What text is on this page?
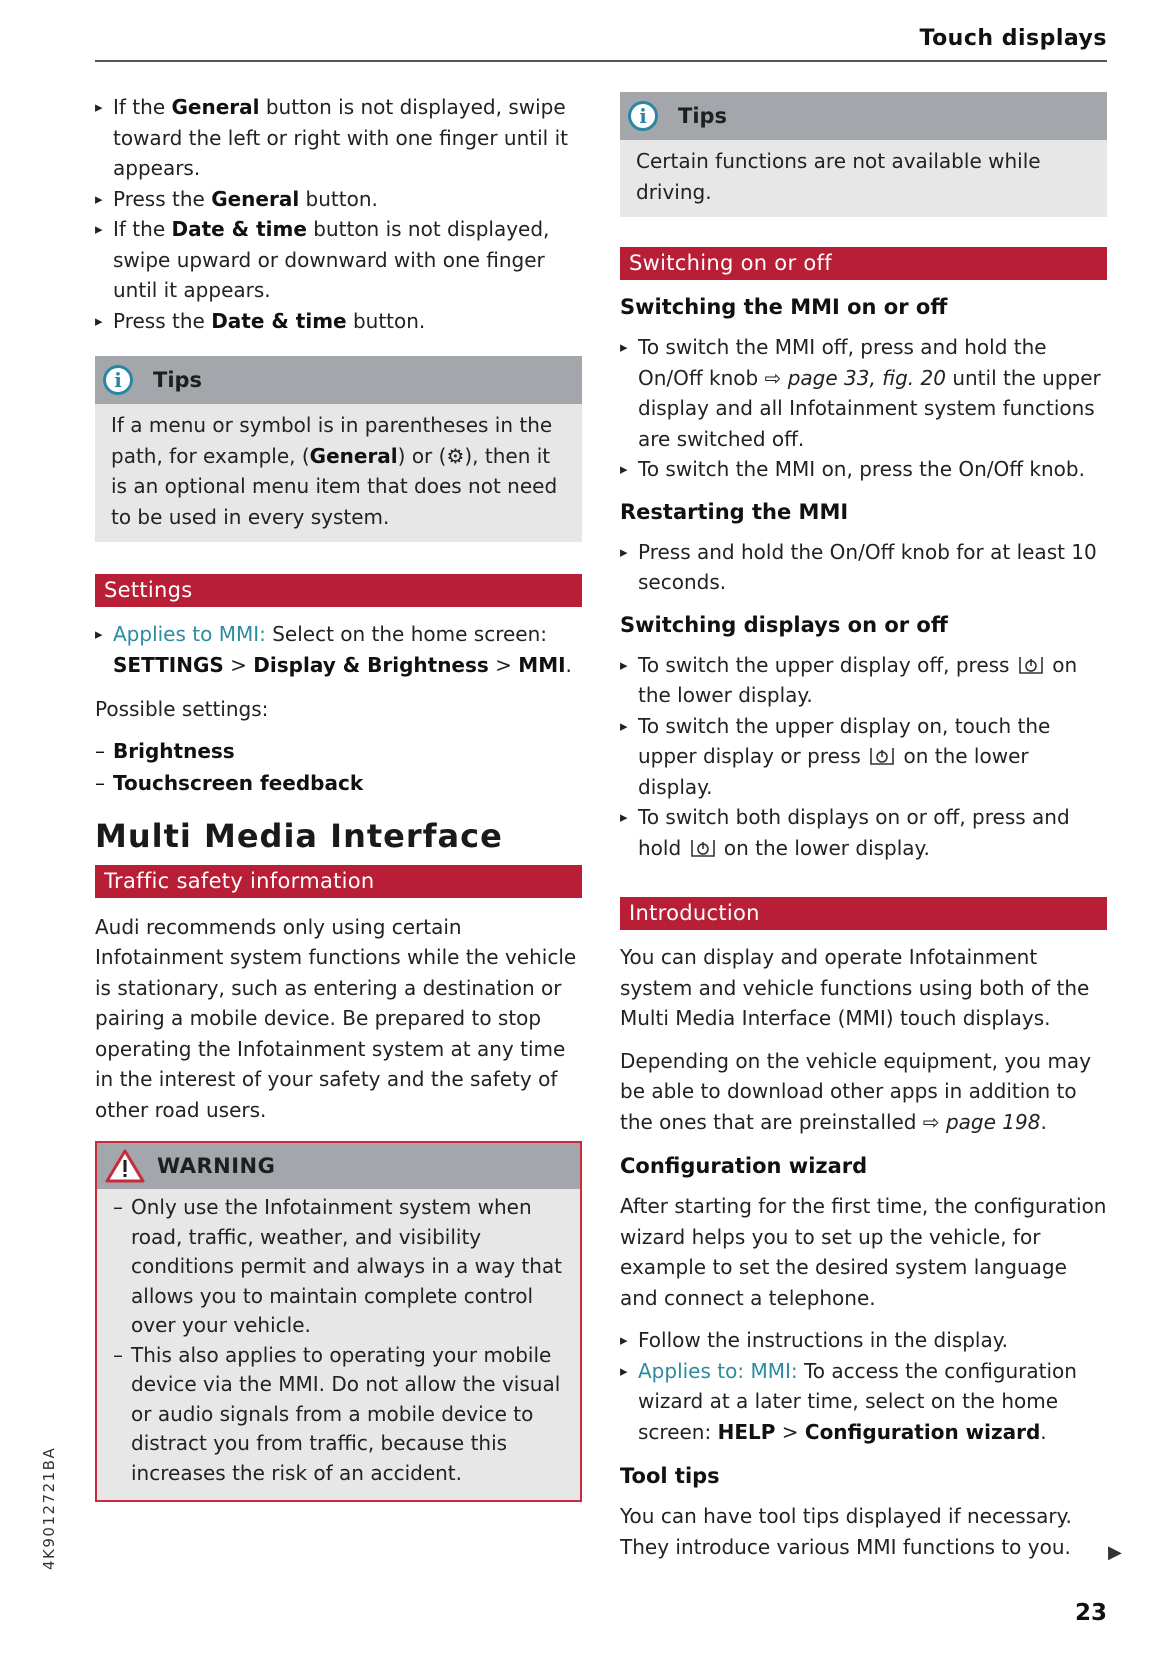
Touch displays
▸ If the General button is not displayed, swipe toward the left or right with one finger until it appears.
▸ Press the General button.
▸ If the Date & time button is not displayed, swipe upward or downward with one finger until it appears.
▸ Press the Date & time button.
i	Tips
If a menu or symbol is in parentheses in the path, for example, (General) or (⚙), then it is an optional menu item that does not need to be used in every system.
Settings
▸ Applies to MMI: Select on the home screen:
SETTINGS > Display & Brightness > MMI.

Possible settings:

– Brightness
– Touchscreen feedback
Multi Media Interface
Traffic safety information

Audi recommends only using certain Infotainment system functions while the vehicle is stationary, such as entering a destination or pairing a mobile device. Be prepared to stop operating the Infotainment system at any time in the interest of your safety and the safety of other road users.

WARNING
– Only use the Infotainment system when road, traffic, weather, and visibility conditions permit and always in a way that allows you to maintain complete control over your vehicle.
– This also applies to operating your mobile device via the MMI. Do not allow the visual or audio signals from a mobile device to distract you from traffic, because this increases the risk of an accident.
i	Tips
Certain functions are not available while driving.
Switching on or off
Switching the MMI on or off
▸ To switch the MMI off, press and hold the On/Off knob ⇨ page 33, fig. 20 until the upper display and all Infotainment system functions are switched off.
▸ To switch the MMI on, press the On/Off knob.
Restarting the MMI
▸ Press and hold the On/Off knob for at least 10 seconds.
Switching displays on or off
▸ To switch the upper display off, press  on the lower display.
▸ To switch the upper display on, touch the upper display or press  on the lower display.
▸ To switch both displays on or off, press and hold  on the lower display.
Introduction

You can display and operate Infotainment system and vehicle functions using both of the Multi Media Interface (MMI) touch displays.

Depending on the vehicle equipment, you may be able to download other apps in addition to the ones that are preinstalled ⇨ page 198.

Configuration wizard

After starting for the first time, the configuration wizard helps you to set up the vehicle, for example to set the desired system language and connect a telephone.

▸ Follow the instructions in the display.
▸ Applies to: MMI: To access the configuration wizard at a later time, select on the home screen: HELP > Configuration wizard.
Tool tips

You can have tool tips displayed if necessary. They introduce various MMI functions to you.

4K9012721BA	▶
23
